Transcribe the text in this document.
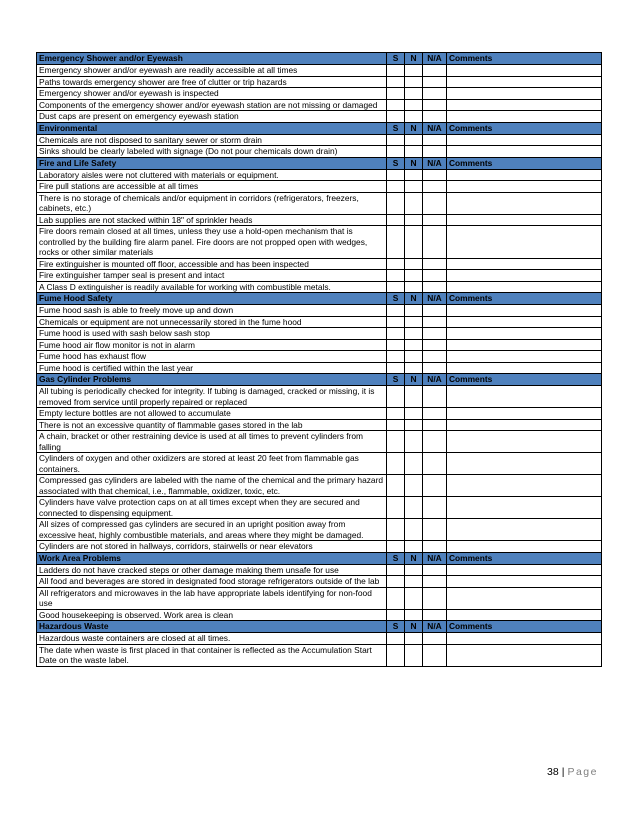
Emergency Shower and/or Eyewash	S	N	N/A	Comments
Emergency shower and/or eyewash are readily accessible at all times				
Paths towards emergency shower are free of clutter or trip hazards				
Emergency shower and/or eyewash is inspected				
Components of the emergency shower and/or eyewash station are not missing or damaged				
Dust caps are present on emergency eyewash station				
Environmental	S	N	N/A	Comments
Chemicals are not disposed to sanitary sewer or storm drain				
Sinks should be clearly labeled with signage (Do not pour chemicals down drain)				
Fire and Life Safety	S	N	N/A	Comments
Laboratory aisles were not cluttered with materials or equipment.				
Fire pull stations are accessible at all times				
There is no storage of chemicals and/or equipment in corridors (refrigerators, freezers, cabinets, etc.)				
Lab supplies are not stacked within 18" of sprinkler heads				
Fire doors remain closed at all times, unless they use a hold-open mechanism that is controlled by the building fire alarm panel. Fire doors are not propped open with wedges, rocks or other similar materials				
Fire extinguisher is mounted off floor, accessible and has been inspected				
Fire extinguisher tamper seal is present and intact				
A Class D extinguisher is readily available for working with combustible metals.				
Fume Hood Safety	S	N	N/A	Comments
Fume hood sash is able to freely move up and down				
Chemicals or equipment are not unnecessarily stored in the fume hood				
Fume hood is used with sash below sash stop				
Fume hood air flow monitor is not in alarm				
Fume hood has exhaust flow				
Fume hood is certified within the last year				
Gas Cylinder Problems	S	N	N/A	Comments
All tubing is periodically checked for integrity. If tubing is damaged, cracked or missing, it is removed from service until properly repaired or replaced				
Empty lecture bottles are not allowed to accumulate				
There is not an excessive quantity of flammable gases stored in the lab				
A chain, bracket or other restraining device is used at all times to prevent cylinders from falling				
Cylinders of oxygen and other oxidizers are stored at least 20 feet from flammable gas containers.				
Compressed gas cylinders are labeled with the name of the chemical and the primary hazard associated with that chemical, i.e., flammable, oxidizer, toxic, etc.				
Cylinders have valve protection caps on at all times except when they are secured and connected to dispensing equipment.				
All sizes of compressed gas cylinders are secured in an upright position away from excessive heat, highly combustible materials, and areas where they might be damaged.				
Cylinders are not stored in hallways, corridors, stairwells or near elevators				
Work Area Problems	S	N	N/A	Comments
Ladders do not have cracked steps or other damage making them unsafe for use				
All food and beverages are stored in designated food storage refrigerators outside of the lab				
All refrigerators and microwaves in the lab have appropriate labels identifying for non-food use				
Good housekeeping is observed. Work area is clean				
Hazardous Waste	S	N	N/A	Comments
Hazardous waste containers are closed at all times.				
The date when waste is first placed in that container is reflected as the Accumulation Start Date on the waste label.				
38 | Page
